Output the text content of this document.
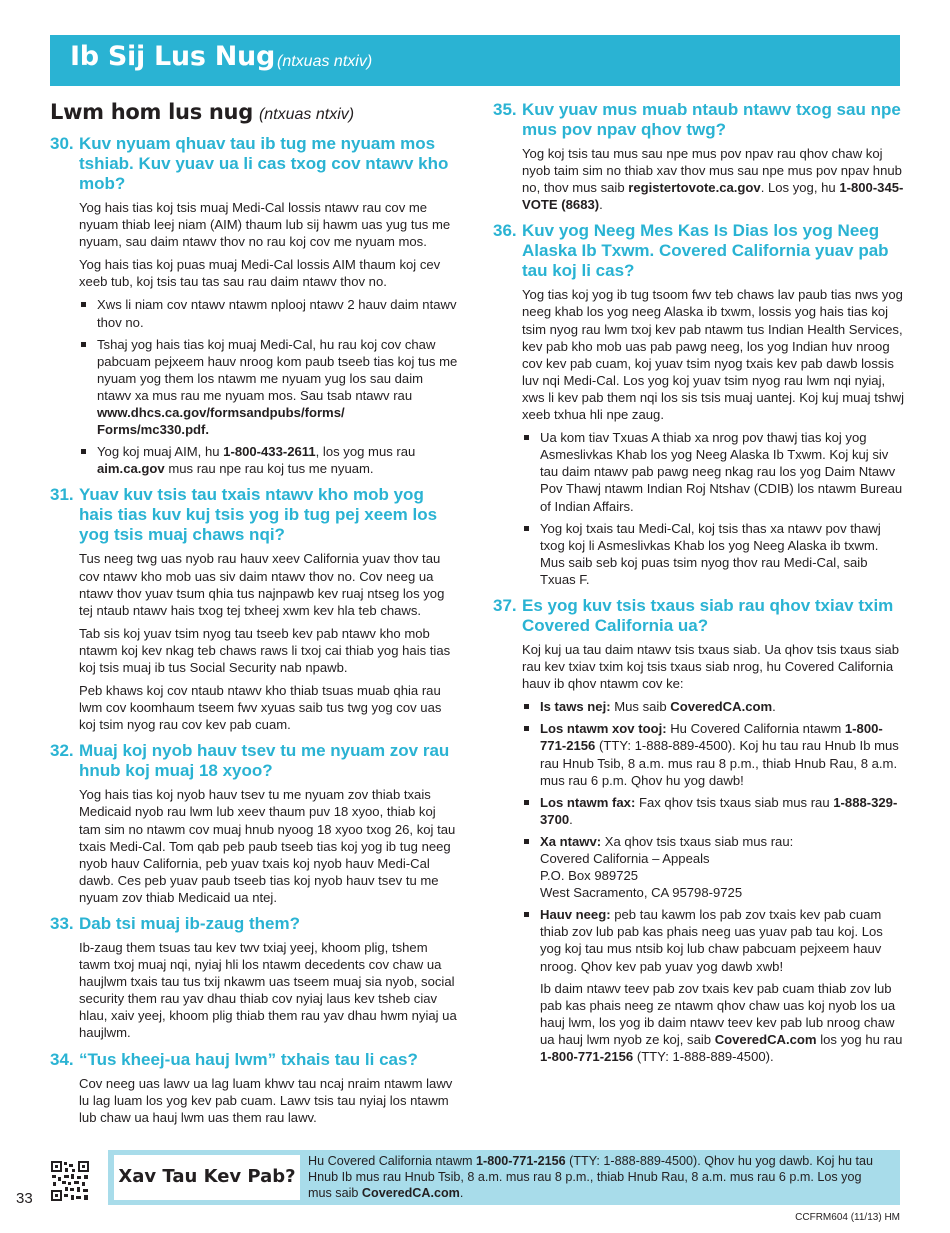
Ib Sij Lus Nug (ntxuas ntxiv)
Lwm hom lus nug (ntxuas ntxiv)
30. Kuv nyuam qhuav tau ib tug me nyuam mos tshiab. Kuv yuav ua li cas txog cov ntawv kho mob?

Yog hais tias koj tsis muaj Medi-Cal lossis ntawv rau cov me nyuam thiab leej niam (AIM) thaum lub sij hawm uas yug tus me nyuam, sau daim ntawv thov no rau koj cov me nyuam mos.

Yog hais tias koj puas muaj Medi-Cal lossis AIM thaum koj cev xeeb tub, koj tsis tau tas sau rau daim ntawv thov no.

Xws li niam cov ntawv ntawm nplooj ntawv 2 hauv daim ntawv thov no.
Tshaj yog hais tias koj muaj Medi-Cal, hu rau koj cov chaw pabcuam pejxeem hauv nroog kom paub tseeb tias koj tus me nyuam yog them los ntawm me nyuam yug los sau daim ntawv xa mus rau me nyuam mos. Sau tsab ntawv rau www.dhcs.ca.gov/formsandpubs/forms/ Forms/mc330.pdf.
Yog koj muaj AIM, hu 1-800-433-2611, los yog mus rau aim.ca.gov mus rau npe rau koj tus me nyuam.
31. Yuav kuv tsis tau txais ntawv kho mob yog hais tias kuv kuj tsis yog ib tug pej xeem los yog tsis muaj chaws nqi?

Tus neeg twg uas nyob rau hauv xeev California yuav thov tau cov ntawv kho mob uas siv daim ntawv thov no. Cov neeg ua ntawv thov yuav tsum qhia tus najnpawb kev ruaj ntseg los yog tej ntaub ntawv hais txog tej txheej xwm kev hla teb chaws.

Tab sis koj yuav tsim nyog tau tseeb kev pab ntawv kho mob ntawm koj kev nkag teb chaws raws li txoj cai thiab yog hais tias koj tsis muaj ib tus Social Security nab npawb.

Peb khaws koj cov ntaub ntawv kho thiab tsuas muab qhia rau lwm cov koomhaum tseem fwv xyuas saib tus twg yog cov uas koj tsim nyog rau cov kev pab cuam.

32. Muaj koj nyob hauv tsev tu me nyuam zov rau hnub koj muaj 18 xyoo?

Yog hais tias koj nyob hauv tsev tu me nyuam zov thiab txais Medicaid nyob rau lwm lub xeev thaum puv 18 xyoo, thiab koj tam sim no ntawm cov muaj hnub nyoog 18 xyoo txog 26, koj tau txais Medi-Cal. Tom qab peb paub tseeb tias koj yog ib tug neeg nyob hauv California, peb yuav txais koj nyob hauv Medi-Cal dawb. Ces peb yuav paub tseeb tias koj nyob hauv tsev tu me nyuam zov thiab Medicaid ua ntej.

33. Dab tsi muaj ib-zaug them?

Ib-zaug them tsuas tau kev twv txiaj yeej, khoom plig, tshem tawm txoj muaj nqi, nyiaj hli los ntawm decedents cov chaw ua haujlwm txais tau tus txij nkawm uas tseem muaj sia nyob, social security them rau yav dhau thiab cov nyiaj laus kev tsheb ciav hlau, xaiv yeej, khoom plig thiab them rau yav dhau hwm nyiaj ua haujlwm.

34. “Tus kheej-ua hauj lwm” txhais tau li cas?

Cov neeg uas lawv ua lag luam khwv tau ncaj nraim ntawm lawv lu lag luam los yog kev pab cuam. Lawv tsis tau nyiaj los ntawm lub chaw ua hauj lwm uas them rau lawv.

35. Kuv yuav mus muab ntaub ntawv txog sau npe mus pov npav qhov twg?

Yog koj tsis tau mus sau npe mus pov npav rau qhov chaw koj nyob taim sim no thiab xav thov mus sau npe mus pov npav hnub no, thov mus saib registertovote.ca.gov. Los yog, hu 1-800-345-VOTE (8683).

36. Kuv yog Neeg Mes Kas Is Dias los yog Neeg Alaska Ib Txwm. Covered California yuav pab tau koj li cas?

Yog tias koj yog ib tug tsoom fwv teb chaws lav paub tias nws yog neeg khab los yog neeg Alaska ib txwm, lossis yog hais tias koj tsim nyog rau lwm txoj kev pab ntawm tus Indian Health Services, kev pab kho mob uas pab pawg neeg, los yog Indian huv nroog cov kev pab cuam, koj yuav tsim nyog txais kev pab dawb lossis luv nqi Medi-Cal. Los yog koj yuav tsim nyog rau lwm nqi nyiaj, xws li kev pab them nqi los sis tsis muaj uantej. Koj kuj muaj tshwj xeeb txhua hli npe zaug.

Ua kom tiav Txuas A thiab xa nrog pov thawj tias koj yog Asmeslivkas Khab los yog Neeg Alaska Ib Txwm. Koj kuj siv tau daim ntawv pab pawg neeg nkag rau los yog Daim Ntawv Pov Thawj ntawm Indian Roj Ntshav (CDIB) los ntawm Bureau of Indian Affairs.
Yog koj txais tau Medi-Cal, koj tsis thas xa ntawv pov thawj txog koj li Asmeslivkas Khab los yog Neeg Alaska ib txwm. Mus saib seb koj puas tsim nyog thov rau Medi-Cal, saib Txuas F.
37. Es yog kuv tsis txaus siab rau qhov txiav txim Covered California ua?

Koj kuj ua tau daim ntawv tsis txaus siab. Ua qhov tsis txaus siab rau kev txiav txim koj tsis txaus siab nrog, hu Covered California hauv ib qhov ntawm cov ke:

Is taws nej: Mus saib CoveredCA.com.
Los ntawm xov tooj: Hu Covered California ntawm 1-800-771-2156 (TTY: 1-888-889-4500). Koj hu tau rau Hnub Ib mus rau Hnub Tsib, 8 a.m. mus rau 8 p.m., thiab Hnub Rau, 8 a.m. mus rau 6 p.m. Qhov hu yog dawb!
Los ntawm fax: Fax qhov tsis txaus siab mus rau 1-888-329-3700.
Xa ntawv: Xa qhov tsis txaus siab mus rau:
Covered California – Appeals
P.O. Box 989725
West Sacramento, CA 95798-9725
Hauv neeg: peb tau kawm los pab zov txais kev pab cuam thiab zov lub pab kas phais neeg uas yuav pab tau koj. Los yog koj tau mus ntsib koj lub chaw pabcuam pejxeem hauv nroog. Qhov kev pab yuav yog dawb xwb!

Ib daim ntawv teev pab zov txais kev pab cuam thiab zov lub pab kas phais neeg ze ntawm qhov chaw uas koj nyob los ua hauj lwm, los yog ib daim ntawv teev kev pab lub nroog chaw ua hauj lwm nyob ze koj, saib CoveredCA.com los yog hu rau 1-800-771-2156 (TTY: 1-888-889-4500).

33
Xav Tau Kev Pab?
Hu Covered California ntawm 1-800-771-2156 (TTY: 1-888-889-4500). Qhov hu yog dawb. Koj hu tau Hnub Ib mus rau Hnub Tsib, 8 a.m. mus rau 8 p.m., thiab Hnub Rau, 8 a.m. mus rau 6 p.m. Los yog mus saib CoveredCA.com.
CCFRM604 (11/13) HM
